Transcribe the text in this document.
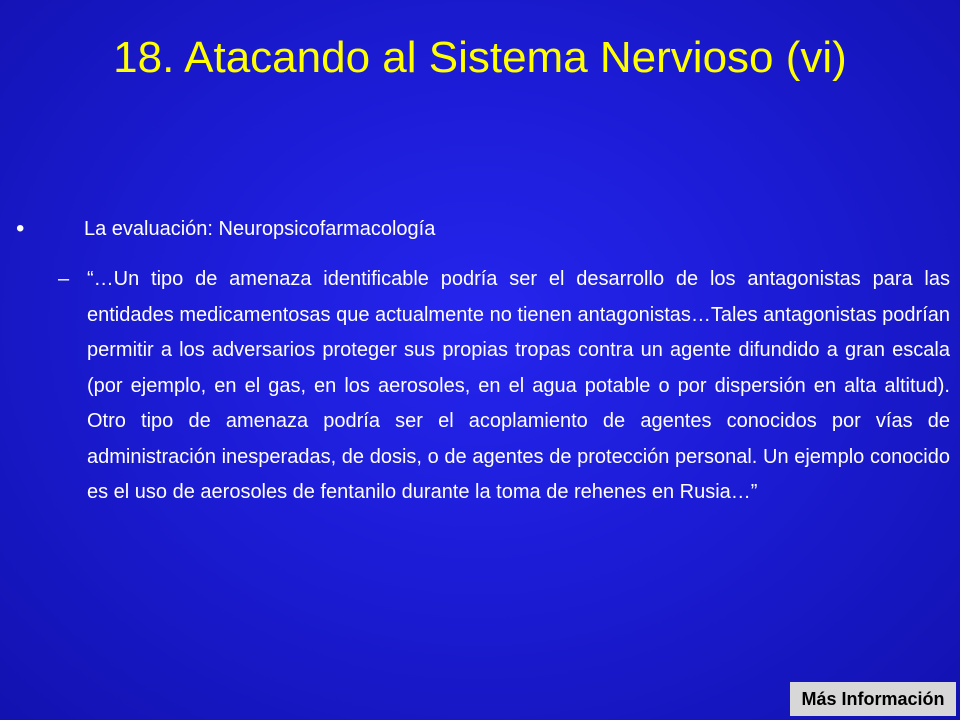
18. Atacando al Sistema Nervioso (vi)
•	La evaluación: Neuropsicofarmacología
– “…Un tipo de amenaza identificable podría ser el desarrollo de los antagonistas para las entidades medicamentosas que actualmente no tienen antagonistas…Tales antagonistas podrían permitir a los adversarios proteger sus propias tropas contra un agente difundido a gran escala (por ejemplo, en el gas, en los aerosoles, en el agua potable o por dispersión en alta altitud). Otro tipo de amenaza podría ser el acoplamiento de agentes conocidos por vías de administración inesperadas, de dosis, o de agentes de protección personal. Un ejemplo conocido es el uso de aerosoles de fentanilo durante la toma de rehenes en Rusia…”
Más Información
